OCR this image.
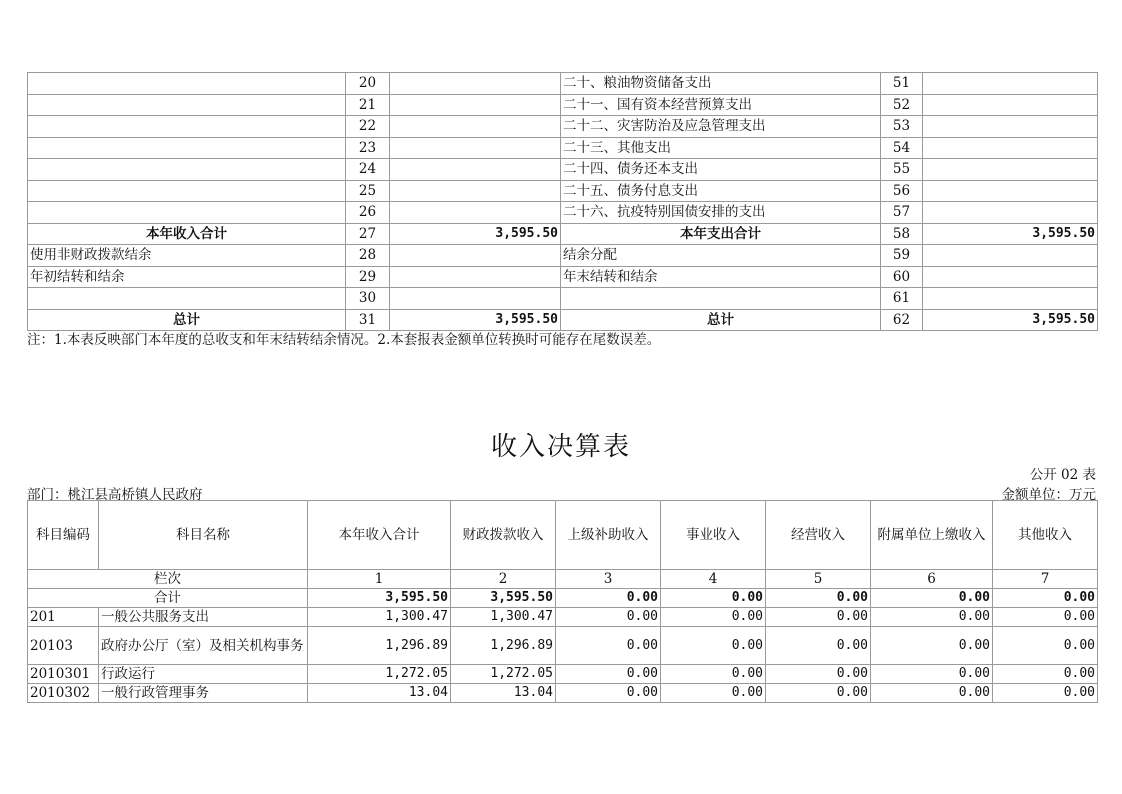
	20		二十、粮油物资储备支出	51	
	21		二十一、国有资本经营预算支出	52	
	22		二十二、灾害防治及应急管理支出	53	
	23		二十三、其他支出	54	
	24		二十四、债务还本支出	55	
	25		二十五、债务付息支出	56	
	26		二十六、抗疫特别国债安排的支出	57	
本年收入合计	27	3,595.50	本年支出合计	58	3,595.50
使用非财政拨款结余	28		结余分配	59	
年初结转和结余	29		年末结转和结余	60	
	30			61	
总计	31	3,595.50	总计	62	3,595.50
注：1.本表反映部门本年度的总收支和年末结转结余情况。2.本套报表金额单位转换时可能存在尾数误差。
收入决算表
公开 02 表
部门：桃江县高桥镇人民政府	金额单位：万元
科目编码	科目名称	本年收入合计	财政拨款收入	上级补助收入	事业收入	经营收入	附属单位上缴收入	其他收入
栏次		1	2	3	4	5	6	7
合计		3,595.50	3,595.50	0.00	0.00	0.00	0.00	0.00
201	一般公共服务支出	1,300.47	1,300.47	0.00	0.00	0.00	0.00	0.00
20103	政府办公厅（室）及相关机构事务	1,296.89	1,296.89	0.00	0.00	0.00	0.00	0.00
2010301	行政运行	1,272.05	1,272.05	0.00	0.00	0.00	0.00	0.00
2010302	一般行政管理事务	13.04	13.04	0.00	0.00	0.00	0.00	0.00
